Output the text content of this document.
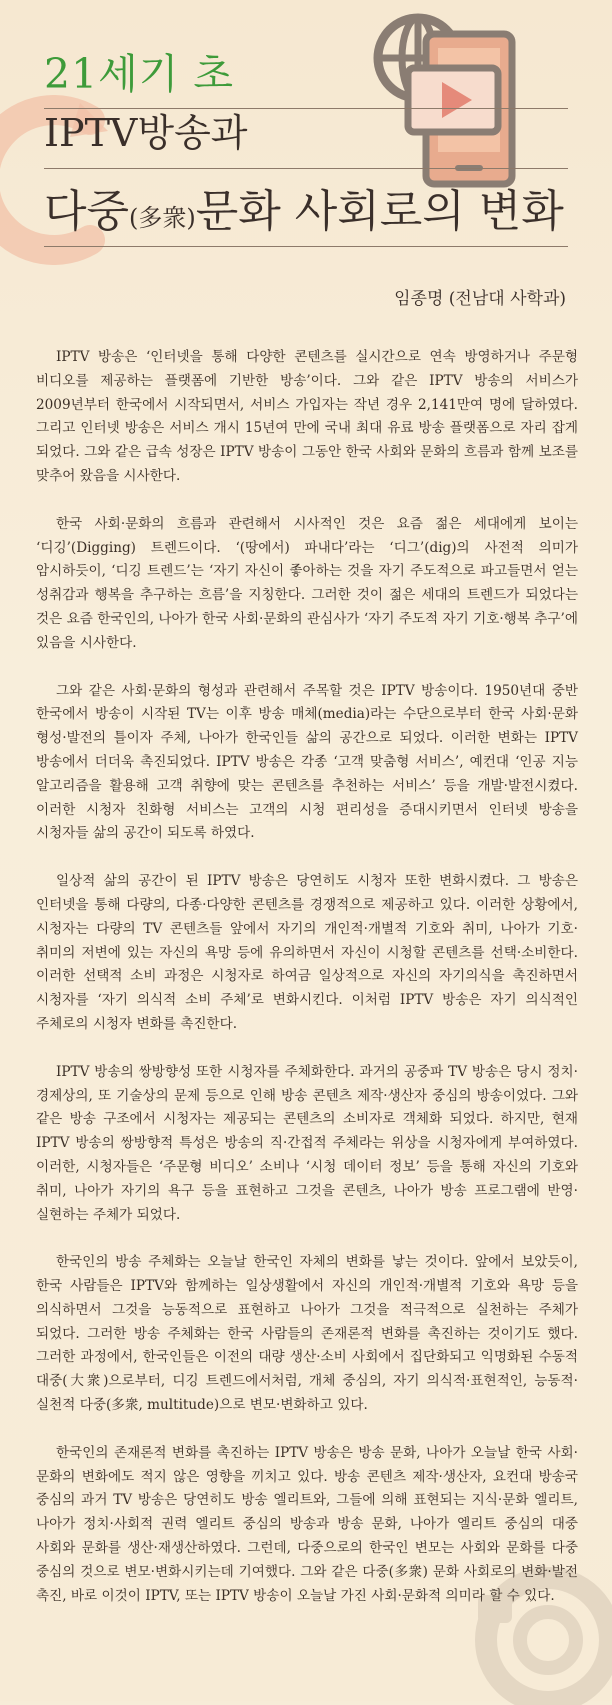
21세기 초
IPTV방송과
다중(多衆)문화 사회로의 변화
임종명 (전남대 사학과)

IPTV 방송은 ‘인터넷을 통해 다양한 콘텐츠를 실시간으로 연속 방영하거나 주문형 비디오를 제공하는 플랫폼에 기반한 방송’이다. 그와 같은 IPTV 방송의 서비스가 2009년부터 한국에서 시작되면서, 서비스 가입자는 작년 경우 2,141만여 명에 달하였다. 그리고 인터넷 방송은 서비스 개시 15년여 만에 국내 최대 유료 방송 플랫폼으로 자리 잡게 되었다. 그와 같은 급속 성장은 IPTV 방송이 그동안 한국 사회와 문화의 흐름과 함께 보조를 맞추어 왔음을 시사한다.

한국 사회·문화의 흐름과 관련해서 시사적인 것은 요즘 젊은 세대에게 보이는 ‘디깅’(Digging) 트렌드이다. ‘(땅에서) 파내다’라는 ‘디그’(dig)의 사전적 의미가 암시하듯이, ‘디깅 트렌드’는 ‘자기 자신이 좋아하는 것을 자기 주도적으로 파고들면서 얻는 성취감과 행복을 추구하는 흐름’을 지칭한다. 그러한 것이 젊은 세대의 트렌드가 되었다는 것은 요즘 한국인의, 나아가 한국 사회·문화의 관심사가 ‘자기 주도적 자기 기호·행복 추구’에 있음을 시사한다.

그와 같은 사회·문화의 형성과 관련해서 주목할 것은 IPTV 방송이다. 1950년대 중반 한국에서 방송이 시작된 TV는 이후 방송 매체(media)라는 수단으로부터 한국 사회·문화 형성·발전의 틀이자 주체, 나아가 한국인들 삶의 공간으로 되었다. 이러한 변화는 IPTV 방송에서 더더욱 촉진되었다. IPTV 방송은 각종 ‘고객 맞춤형 서비스’, 예컨대 ‘인공 지능 알고리즘을 활용해 고객 취향에 맞는 콘텐츠를 추천하는 서비스’ 등을 개발·발전시켰다. 이러한 시청자 친화형 서비스는 고객의 시청 편리성을 증대시키면서 인터넷 방송을 시청자들 삶의 공간이 되도록 하였다.

일상적 삶의 공간이 된 IPTV 방송은 당연히도 시청자 또한 변화시켰다. 그 방송은 인터넷을 통해 다량의, 다종·다양한 콘텐츠를 경쟁적으로 제공하고 있다. 이러한 상황에서, 시청자는 다량의 TV 콘텐츠들 앞에서 자기의 개인적·개별적 기호와 취미, 나아가 기호·취미의 저변에 있는 자신의 욕망 등에 유의하면서 자신이 시청할 콘텐츠를 선택·소비한다. 이러한 선택적 소비 과정은 시청자로 하여금 일상적으로 자신의 자기의식을 촉진하면서 시청자를 ‘자기 의식적 소비 주체’로 변화시킨다. 이처럼 IPTV 방송은 자기 의식적인 주체로의 시청자 변화를 촉진한다.

IPTV 방송의 쌍방향성 또한 시청자를 주체화한다. 과거의 공중파 TV 방송은 당시 정치·경제상의, 또 기술상의 문제 등으로 인해 방송 콘텐츠 제작·생산자 중심의 방송이었다. 그와 같은 방송 구조에서 시청자는 제공되는 콘텐츠의 소비자로 객체화 되었다. 하지만, 현재 IPTV 방송의 쌍방향적 특성은 방송의 직·간접적 주체라는 위상을 시청자에게 부여하였다. 이러한, 시청자들은 ‘주문형 비디오’ 소비나 ‘시청 데이터 정보’ 등을 통해 자신의 기호와 취미, 나아가 자기의 욕구 등을 표현하고 그것을 콘텐츠, 나아가 방송 프로그램에 반영·실현하는 주체가 되었다.

한국인의 방송 주체화는 오늘날 한국인 자체의 변화를 낳는 것이다. 앞에서 보았듯이, 한국 사람들은 IPTV와 함께하는 일상생활에서 자신의 개인적·개별적 기호와 욕망 등을 의식하면서 그것을 능동적으로 표현하고 나아가 그것을 적극적으로 실천하는 주체가 되었다. 그러한 방송 주체화는 한국 사람들의 존재론적 변화를 촉진하는 것이기도 했다. 그러한 과정에서, 한국인들은 이전의 대량 생산·소비 사회에서 집단화되고 익명화된 수동적 대중(大衆)으로부터, 디깅 트렌드에서처럼, 개체 중심의, 자기 의식적·표현적인, 능동적·실천적 다중(多衆, multitude)으로 변모·변화하고 있다.

한국인의 존재론적 변화를 촉진하는 IPTV 방송은 방송 문화, 나아가 오늘날 한국 사회·문화의 변화에도 적지 않은 영향을 끼치고 있다. 방송 콘텐츠 제작·생산자, 요컨대 방송국 중심의 과거 TV 방송은 당연히도 방송 엘리트와, 그들에 의해 표현되는 지식·문화 엘리트, 나아가 정치·사회적 권력 엘리트 중심의 방송과 방송 문화, 나아가 엘리트 중심의 대중 사회와 문화를 생산·재생산하였다. 그런데, 다중으로의 한국인 변모는 사회와 문화를 다중 중심의 것으로 변모·변화시키는데 기여했다. 그와 같은 다중(多衆) 문화 사회로의 변화·발전 촉진, 바로 이것이 IPTV, 또는 IPTV 방송이 오늘날 가진 사회·문화적 의미라 할 수 있다.
